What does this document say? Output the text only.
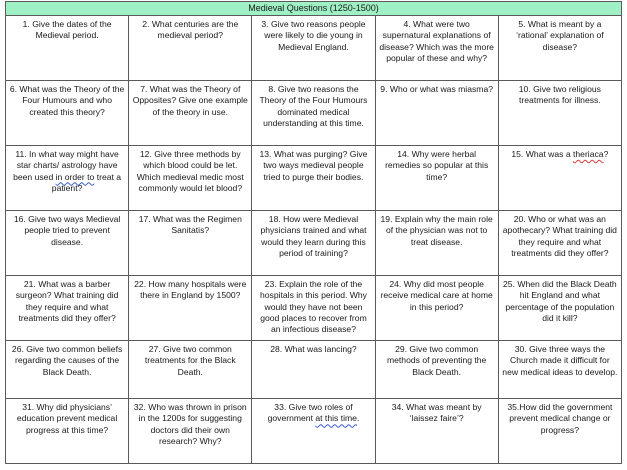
Medieval Questions (1250-1500)				
1. Give the dates of the Medieval period.	2. What centuries are the medieval period?	3. Give two reasons people were likely to die young in Medieval England.	4. What were two supernatural explanations of disease? Which was the more popular of these and why?	5. What is meant by a ‘rational’ explanation of disease?
6. What was the Theory of the Four Humours and who created this theory?	7. What was the Theory of Opposites? Give one example of the theory in use.	8. Give two reasons the Theory of the Four Humours dominated medical understanding at this time.	9. Who or what was miasma?	10. Give two religious treatments for illness.
11. In what way might have star charts/ astrology have been used in order to treat a patient?	12. Give three methods by which blood could be let. Which medieval medic most commonly would let blood?	13. What was purging? Give two ways medieval people tried to purge their bodies.	14. Why were herbal remedies so popular at this time?	15. What was a theriaca?
16. Give two ways Medieval people tried to prevent disease.	17. What was the Regimen Sanitatis?	18. How were Medieval physicians trained and what would they learn during this period of training?	19. Explain why the main role of the physician was not to treat disease.	20. Who or what was an apothecary? What training did they require and what treatments did they offer?
21. What was a barber surgeon? What training did they require and what treatments did they offer?	22. How many hospitals were there in England by 1500?	23. Explain the role of the hospitals in this period. Why would they have not been good places to recover from an infectious disease?	24. Why did most people receive medical care at home in this period?	25. When did the Black Death hit England and what percentage of the population did it kill?
26. Give two common beliefs regarding the causes of the Black Death.	27. Give two common treatments for the Black Death.	28. What was lancing?	29. Give two common methods of preventing the Black Death.	30. Give three ways the Church made it difficult for new medical ideas to develop.
31. Why did physicians’ education prevent medical progress at this time?	32. Who was thrown in prison in the 1200s for suggesting doctors did their own research? Why?	33. Give two roles of government at this time.	34. What was meant by ‘laissez faire’?	35.How did the government prevent medical change or progress?
